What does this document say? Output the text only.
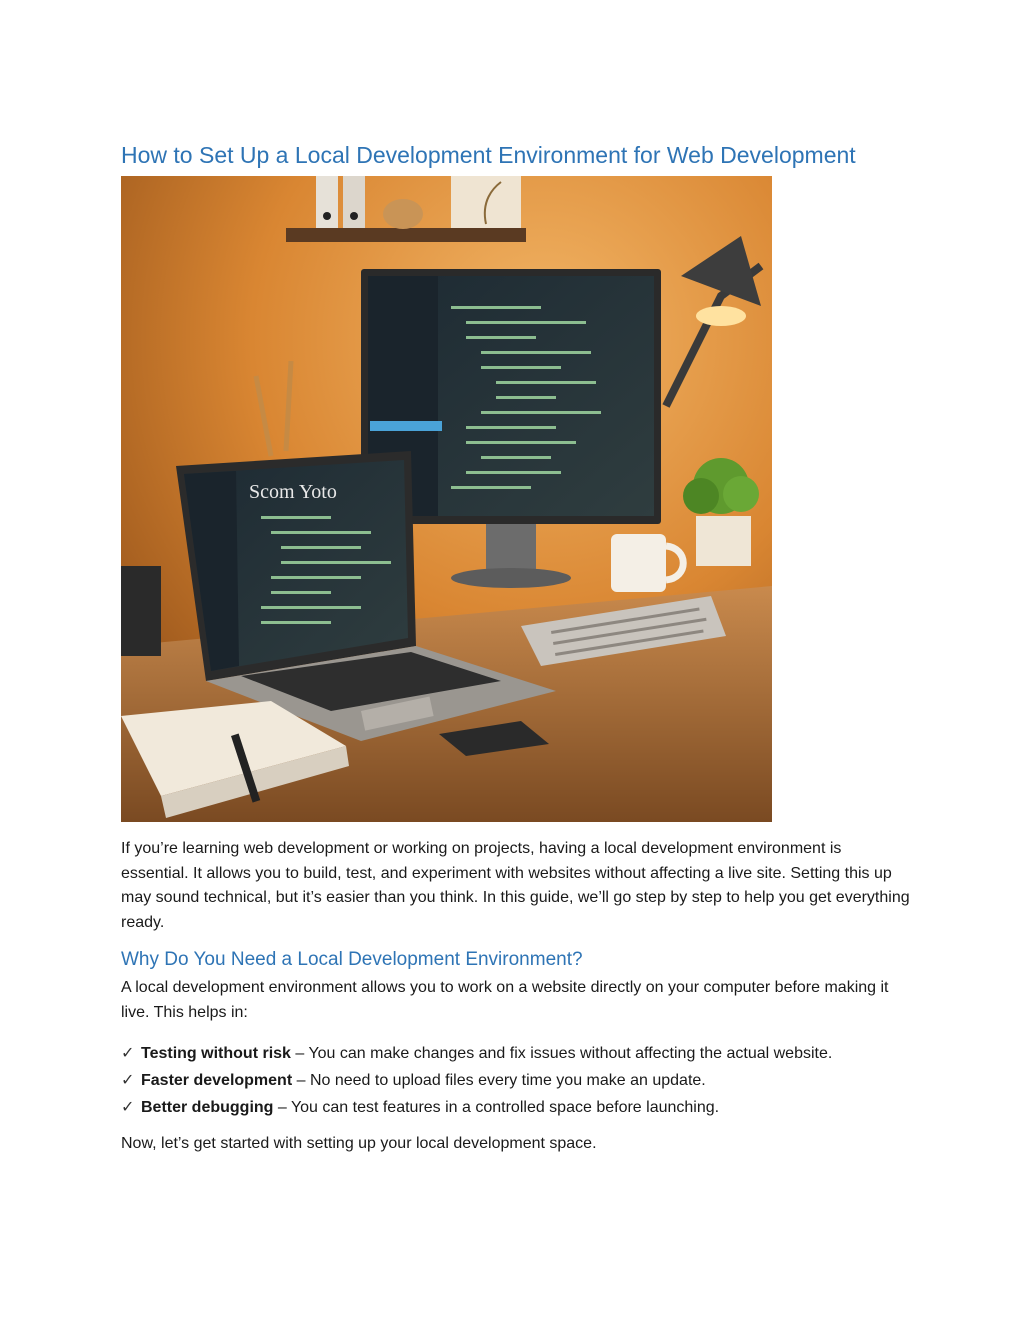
How to Set Up a Local Development Environment for Web Development
Scom Yoto

If you’re learning web development or working on projects, having a local development environment is essential. It allows you to build, test, and experiment with websites without affecting a live site. Setting this up may sound technical, but it’s easier than you think. In this guide, we’ll go step by step to help you get everything ready.

Why Do You Need a Local Development Environment?

A local development environment allows you to work on a website directly on your computer before making it live. This helps in:

✓ Testing without risk – You can make changes and fix issues without affecting the actual website.
✓ Faster development – No need to upload files every time you make an update.
✓ Better debugging – You can test features in a controlled space before launching.

Now, let’s get started with setting up your local development space.
